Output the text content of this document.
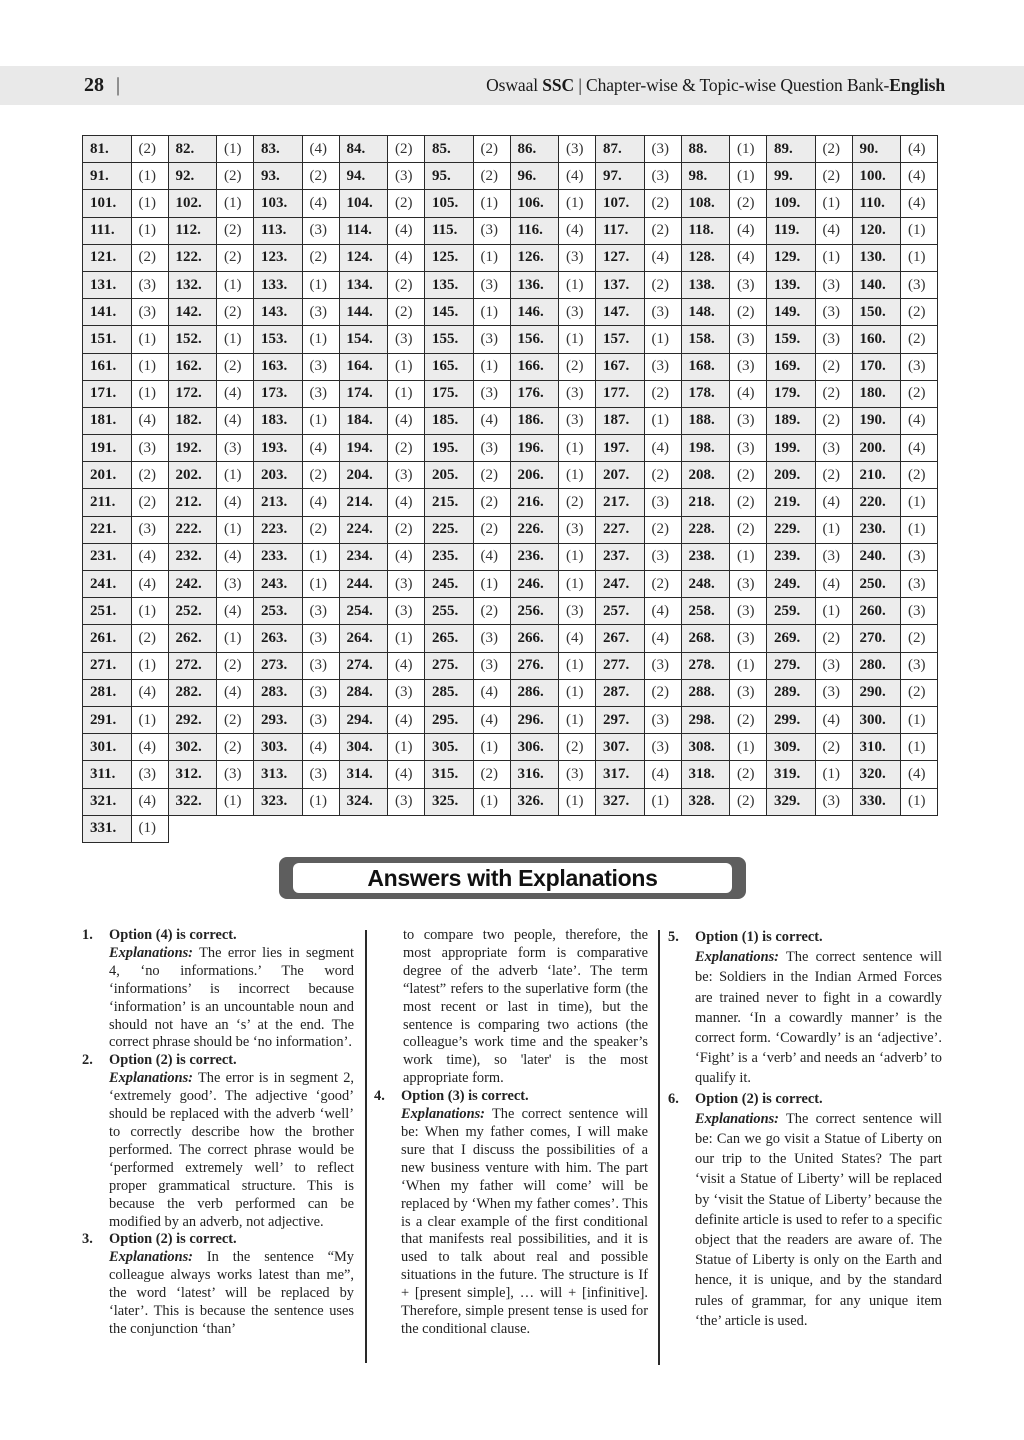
28 |	Oswaal SSC | Chapter-wise & Topic-wise Question Bank-English
81.	(2)	82.	(1)	83.	(4)	84.	(2)	85.	(2)	86.	(3)	87.	(3)	88.	(1)	89.	(2)	90.	(4)
91.	(1)	92.	(2)	93.	(2)	94.	(3)	95.	(2)	96.	(4)	97.	(3)	98.	(1)	99.	(2)	100.	(4)
101.	(1)	102.	(1)	103.	(4)	104.	(2)	105.	(1)	106.	(1)	107.	(2)	108.	(2)	109.	(1)	110.	(4)
111.	(1)	112.	(2)	113.	(3)	114.	(4)	115.	(3)	116.	(4)	117.	(2)	118.	(4)	119.	(4)	120.	(1)
121.	(2)	122.	(2)	123.	(2)	124.	(4)	125.	(1)	126.	(3)	127.	(4)	128.	(4)	129.	(1)	130.	(1)
131.	(3)	132.	(1)	133.	(1)	134.	(2)	135.	(3)	136.	(1)	137.	(2)	138.	(3)	139.	(3)	140.	(3)
141.	(3)	142.	(2)	143.	(3)	144.	(2)	145.	(1)	146.	(3)	147.	(3)	148.	(2)	149.	(3)	150.	(2)
151.	(1)	152.	(1)	153.	(1)	154.	(3)	155.	(3)	156.	(1)	157.	(1)	158.	(3)	159.	(3)	160.	(2)
161.	(1)	162.	(2)	163.	(3)	164.	(1)	165.	(1)	166.	(2)	167.	(3)	168.	(3)	169.	(2)	170.	(3)
171.	(1)	172.	(4)	173.	(3)	174.	(1)	175.	(3)	176.	(3)	177.	(2)	178.	(4)	179.	(2)	180.	(2)
181.	(4)	182.	(4)	183.	(1)	184.	(4)	185.	(4)	186.	(3)	187.	(1)	188.	(3)	189.	(2)	190.	(4)
191.	(3)	192.	(3)	193.	(4)	194.	(2)	195.	(3)	196.	(1)	197.	(4)	198.	(3)	199.	(3)	200.	(4)
201.	(2)	202.	(1)	203.	(2)	204.	(3)	205.	(2)	206.	(1)	207.	(2)	208.	(2)	209.	(2)	210.	(2)
211.	(2)	212.	(4)	213.	(4)	214.	(4)	215.	(2)	216.	(2)	217.	(3)	218.	(2)	219.	(4)	220.	(1)
221.	(3)	222.	(1)	223.	(2)	224.	(2)	225.	(2)	226.	(3)	227.	(2)	228.	(2)	229.	(1)	230.	(1)
231.	(4)	232.	(4)	233.	(1)	234.	(4)	235.	(4)	236.	(1)	237.	(3)	238.	(1)	239.	(3)	240.	(3)
241.	(4)	242.	(3)	243.	(1)	244.	(3)	245.	(1)	246.	(1)	247.	(2)	248.	(3)	249.	(4)	250.	(3)
251.	(1)	252.	(4)	253.	(3)	254.	(3)	255.	(2)	256.	(3)	257.	(4)	258.	(3)	259.	(1)	260.	(3)
261.	(2)	262.	(1)	263.	(3)	264.	(1)	265.	(3)	266.	(4)	267.	(4)	268.	(3)	269.	(2)	270.	(2)
271.	(1)	272.	(2)	273.	(3)	274.	(4)	275.	(3)	276.	(1)	277.	(3)	278.	(1)	279.	(3)	280.	(3)
281.	(4)	282.	(4)	283.	(3)	284.	(3)	285.	(4)	286.	(1)	287.	(2)	288.	(3)	289.	(3)	290.	(2)
291.	(1)	292.	(2)	293.	(3)	294.	(4)	295.	(4)	296.	(1)	297.	(3)	298.	(2)	299.	(4)	300.	(1)
301.	(4)	302.	(2)	303.	(4)	304.	(1)	305.	(1)	306.	(2)	307.	(3)	308.	(1)	309.	(2)	310.	(1)
311.	(3)	312.	(3)	313.	(3)	314.	(4)	315.	(2)	316.	(3)	317.	(4)	318.	(2)	319.	(1)	320.	(4)
321.	(4)	322.	(1)	323.	(1)	324.	(3)	325.	(1)	326.	(1)	327.	(1)	328.	(2)	329.	(3)	330.	(1)
331.	(1)																		
Answers with Explanations
1. Option (4) is correct.
Explanations: The error lies in segment 4, ‘no informations.’ The word ‘informations’ is incorrect because ‘information’ is an uncountable noun and should not have an ‘s’ at the end. The correct phrase should be ‘no information’.
2. Option (2) is correct.
Explanations: The error is in segment 2, ‘extremely good’. The adjective ‘good’ should be replaced with the adverb ‘well’ to correctly describe how the brother performed. The correct phrase would be ‘performed extremely well’ to reflect proper grammatical structure. This is because the verb performed can be modified by an adverb, not adjective.
3. Option (2) is correct.
Explanations: In the sentence “My colleague always works latest than me”, the word ‘latest’ will be replaced by ‘later’. This is because the sentence uses the conjunction ‘than’
to compare two people, therefore, the most appropriate form is comparative degree of the adverb ‘late’. The term “latest” refers to the superlative form (the most recent or last in time), but the sentence is comparing two actions (the colleague’s work time and the speaker’s work time), so 'later' is the most appropriate form.
4. Option (3) is correct.
Explanations: The correct sentence will be: When my father comes, I will make sure that I discuss the possibilities of a new business venture with him. The part ‘When my father will come’ will be replaced by ‘When my father comes’. This is a clear example of the first conditional that manifests real possibilities, and it is used to talk about real and possible situations in the future. The structure is If + [present simple], … will + [infinitive]. Therefore, simple present tense is used for the conditional clause.
5. Option (1) is correct.
Explanations: The correct sentence will be: Soldiers in the Indian Armed Forces are trained never to fight in a cowardly manner. ‘In a cowardly manner’ is the correct form. ‘Cowardly’ is an ‘adjective’. ‘Fight’ is a ‘verb’ and needs an ‘adverb’ to qualify it.
6. Option (2) is correct.
Explanations: The correct sentence will be: Can we go visit a Statue of Liberty on our trip to the United States? The part ‘visit a Statue of Liberty’ will be replaced by ‘visit the Statue of Liberty’ because the definite article is used to refer to a specific object that the readers are aware of. The Statue of Liberty is only on the Earth and hence, it is unique, and by the standard rules of grammar, for any unique item ‘the’ article is used.
